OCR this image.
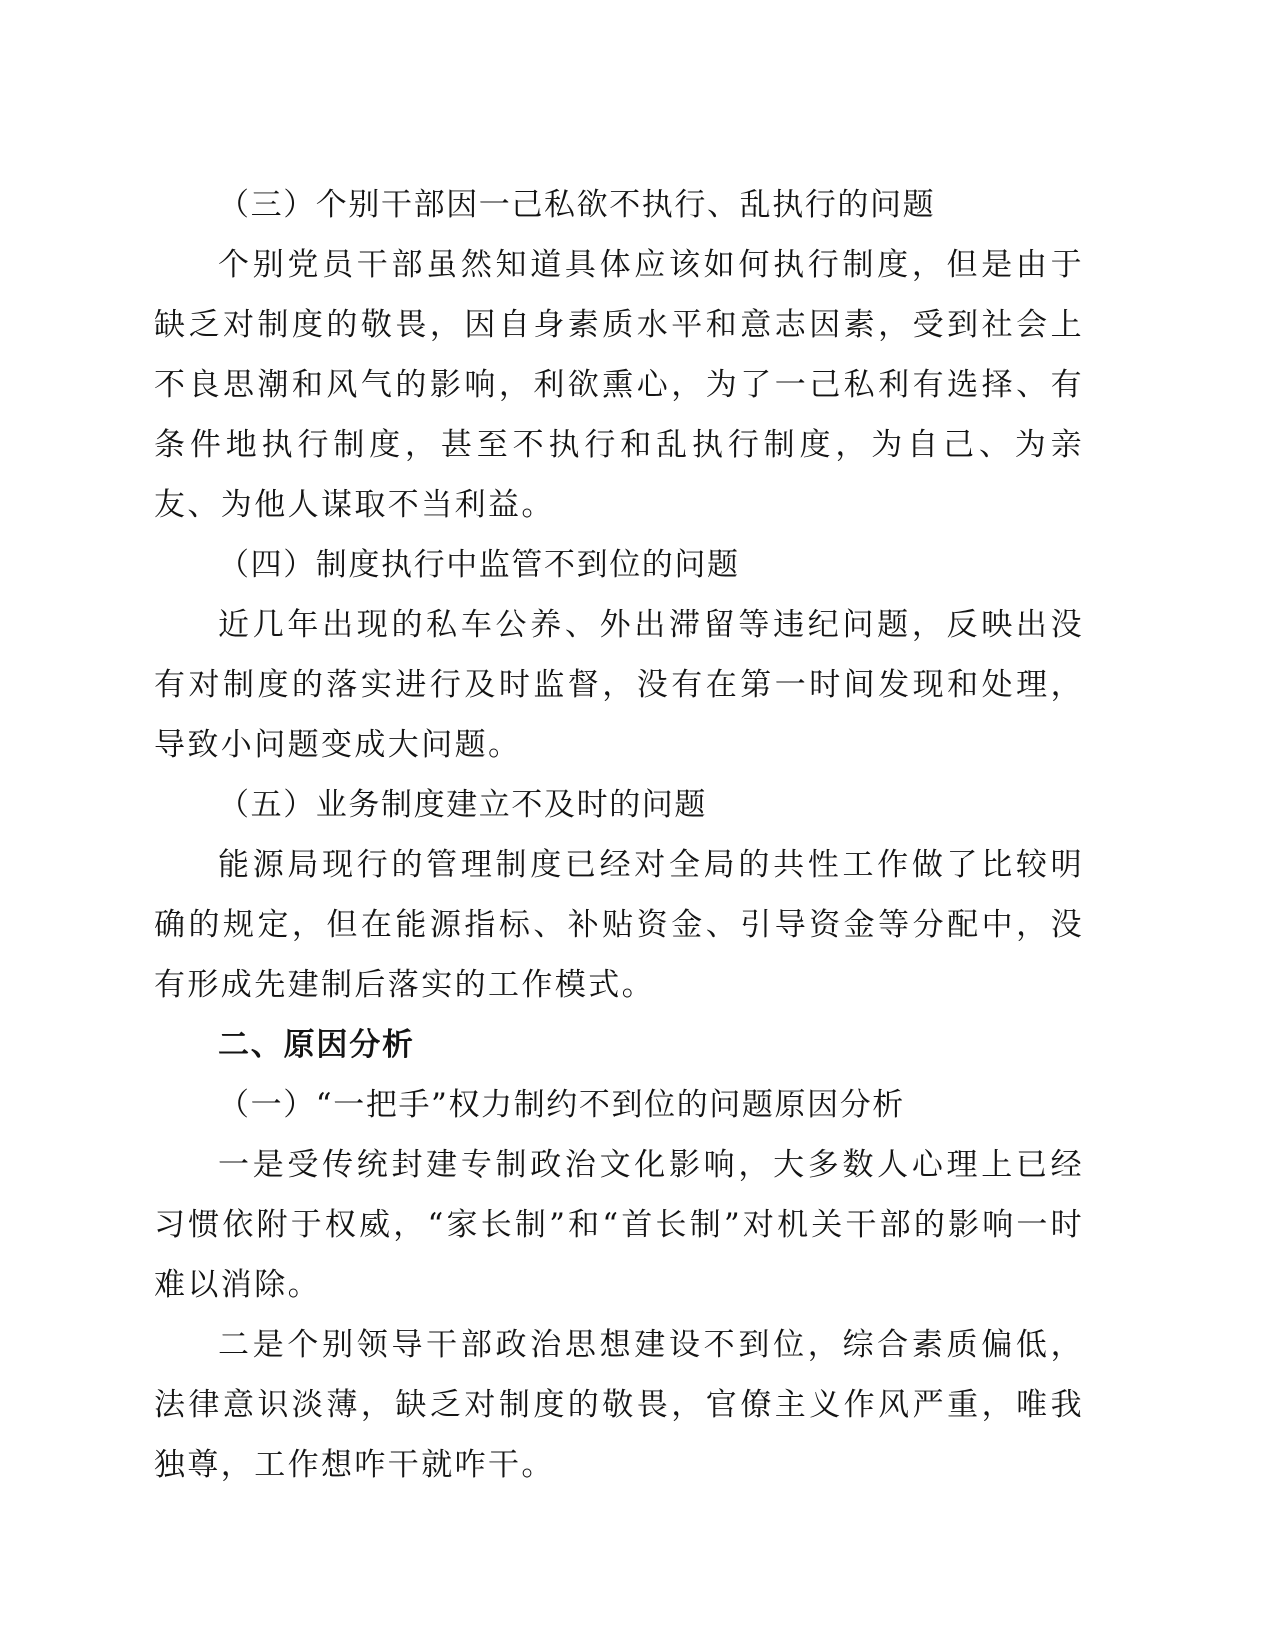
（三）个别干部因一己私欲不执行、乱执行的问题

个别党员干部虽然知道具体应该如何执行制度，但是由于缺乏对制度的敬畏，因自身素质水平和意志因素，受到社会上不良思潮和风气的影响，利欲熏心，为了一己私利有选择、有条件地执行制度，甚至不执行和乱执行制度，为自己、为亲友、为他人谋取不当利益。

（四）制度执行中监管不到位的问题

近几年出现的私车公养、外出滞留等违纪问题，反映出没有对制度的落实进行及时监督，没有在第一时间发现和处理，导致小问题变成大问题。

（五）业务制度建立不及时的问题

能源局现行的管理制度已经对全局的共性工作做了比较明确的规定，但在能源指标、补贴资金、引导资金等分配中，没有形成先建制后落实的工作模式。

二、原因分析

（一）“一把手”权力制约不到位的问题原因分析

一是受传统封建专制政治文化影响，大多数人心理上已经习惯依附于权威，“家长制”和“首长制”对机关干部的影响一时难以消除。

二是个别领导干部政治思想建设不到位，综合素质偏低，法律意识淡薄，缺乏对制度的敬畏，官僚主义作风严重，唯我独尊，工作想咋干就咋干。
